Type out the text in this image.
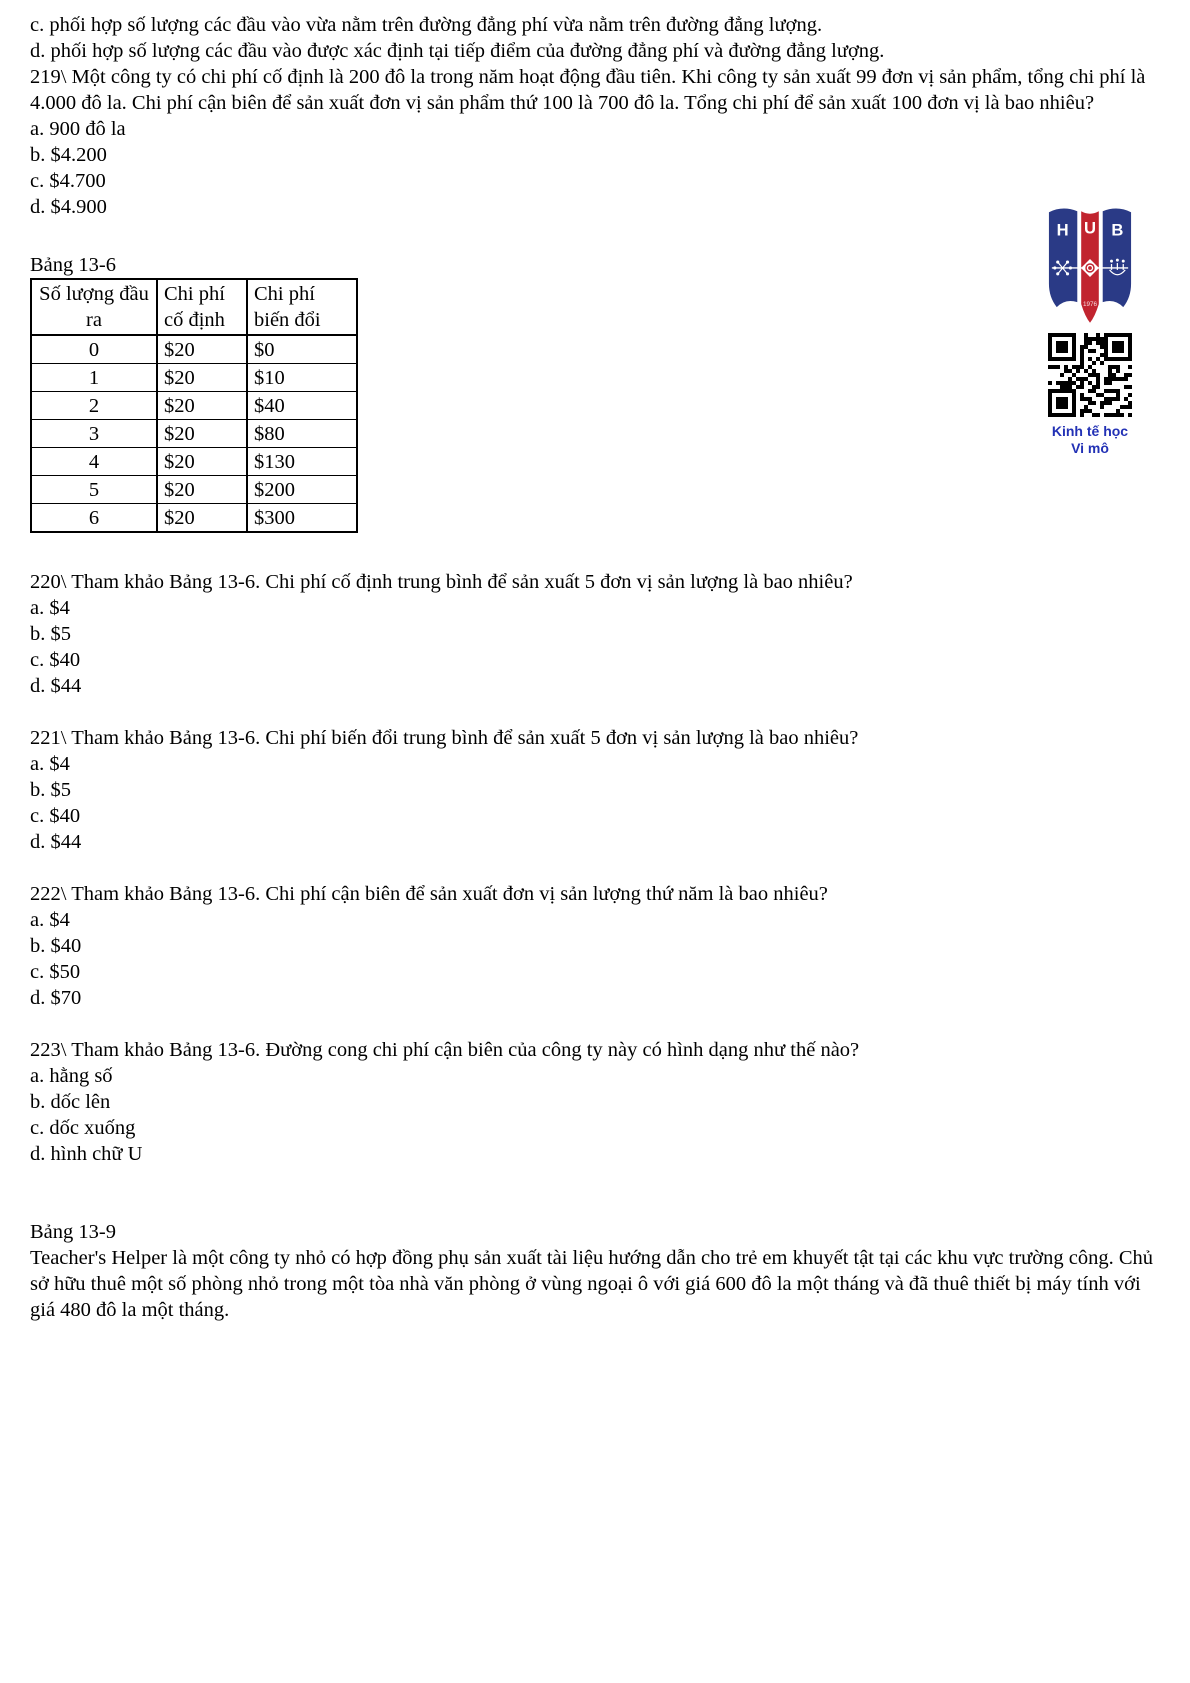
c. phối hợp số lượng các đầu vào vừa nằm trên đường đẳng phí vừa nằm trên đường đẳng lượng.

d. phối hợp số lượng các đầu vào được xác định tại tiếp điểm của đường đẳng phí và đường đẳng lượng.

219\ Một công ty có chi phí cố định là 200 đô la trong năm hoạt động đầu tiên. Khi công ty sản xuất 99 đơn vị sản phẩm, tổng chi phí là 4.000 đô la. Chi phí cận biên để sản xuất đơn vị sản phẩm thứ 100 là 700 đô la. Tổng chi phí để sản xuất 100 đơn vị là bao nhiêu?

a. 900 đô la

b. $4.200

c. $4.700

d. $4.900

Bảng 13-6

Số lượng đầu ra	Chi phí cố định	Chi phí biến đổi
0	$20	$0
1	$20	$10
2	$20	$40
3	$20	$80
4	$20	$130
5	$20	$200
6	$20	$300

220\ Tham khảo Bảng 13-6. Chi phí cố định trung bình để sản xuất 5 đơn vị sản lượng là bao nhiêu?

a. $4

b. $5

c. $40

d. $44

221\ Tham khảo Bảng 13-6. Chi phí biến đổi trung bình để sản xuất 5 đơn vị sản lượng là bao nhiêu?

a. $4

b. $5

c. $40

d. $44

222\ Tham khảo Bảng 13-6. Chi phí cận biên để sản xuất đơn vị sản lượng thứ năm là bao nhiêu?

a. $4

b. $40

c. $50

d. $70

223\ Tham khảo Bảng 13-6. Đường cong chi phí cận biên của công ty này có hình dạng như thế nào?

a. hằng số

b. dốc lên

c. dốc xuống

d. hình chữ U

Bảng 13-9

Teacher's Helper là một công ty nhỏ có hợp đồng phụ sản xuất tài liệu hướng dẫn cho trẻ em khuyết tật tại các khu vực trường công. Chủ sở hữu thuê một số phòng nhỏ trong một tòa nhà văn phòng ở vùng ngoại ô với giá 600 đô la một tháng và đã thuê thiết bị máy tính với giá 480 đô la một tháng.

H U B
1976
Kinh tế học
Vi mô
